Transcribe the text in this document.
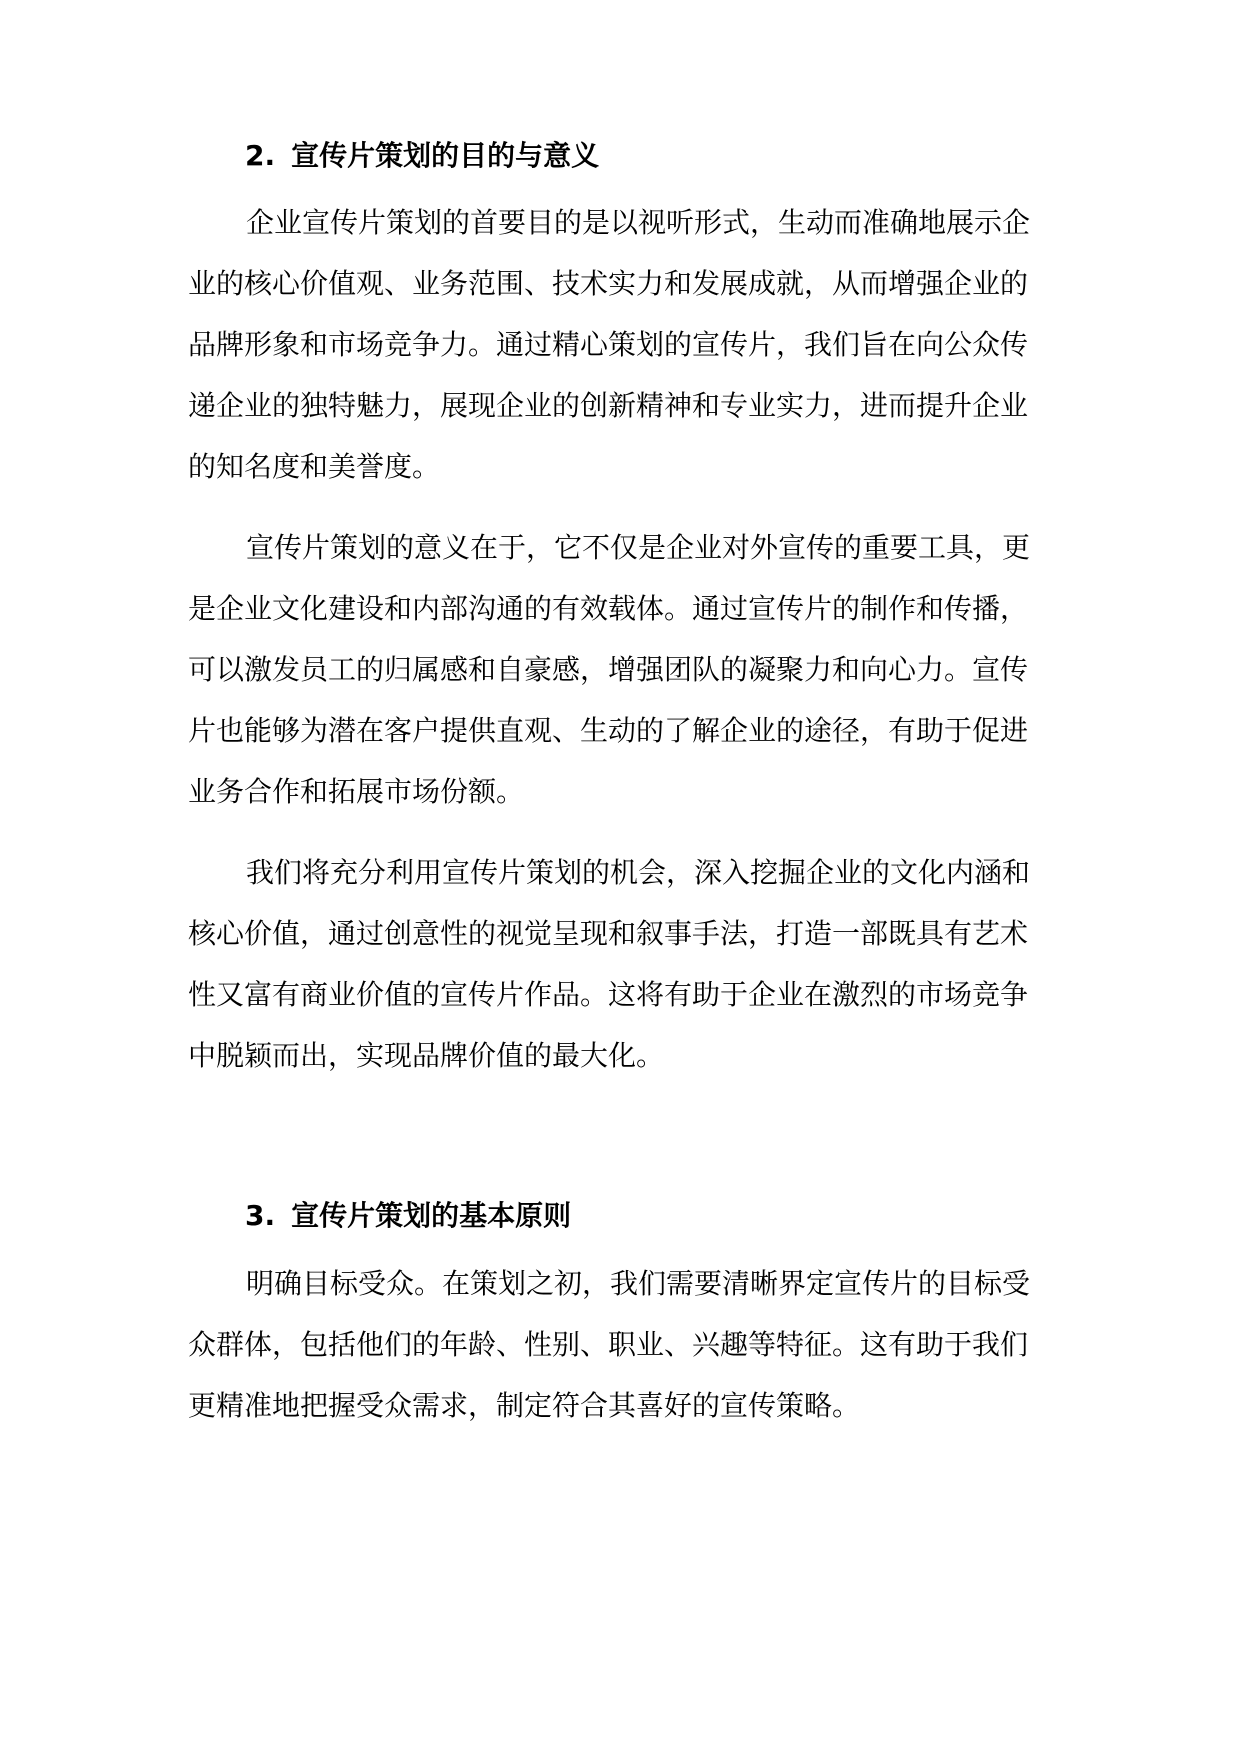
2. 宣传片策划的目的与意义
企业宣传片策划的首要目的是以视听形式，生动而准确地展示企
业的核心价值观、业务范围、技术实力和发展成就，从而增强企业的
品牌形象和市场竞争力。通过精心策划的宣传片，我们旨在向公众传
递企业的独特魅力，展现企业的创新精神和专业实力，进而提升企业
的知名度和美誉度。
宣传片策划的意义在于，它不仅是企业对外宣传的重要工具，更
是企业文化建设和内部沟通的有效载体。通过宣传片的制作和传播，
可以激发员工的归属感和自豪感，增强团队的凝聚力和向心力。宣传
片也能够为潜在客户提供直观、生动的了解企业的途径，有助于促进
业务合作和拓展市场份额。
我们将充分利用宣传片策划的机会，深入挖掘企业的文化内涵和
核心价值，通过创意性的视觉呈现和叙事手法，打造一部既具有艺术
性又富有商业价值的宣传片作品。这将有助于企业在激烈的市场竞争
中脱颖而出，实现品牌价值的最大化。
3. 宣传片策划的基本原则
明确目标受众。在策划之初，我们需要清晰界定宣传片的目标受
众群体，包括他们的年龄、性别、职业、兴趣等特征。这有助于我们
更精准地把握受众需求，制定符合其喜好的宣传策略。
